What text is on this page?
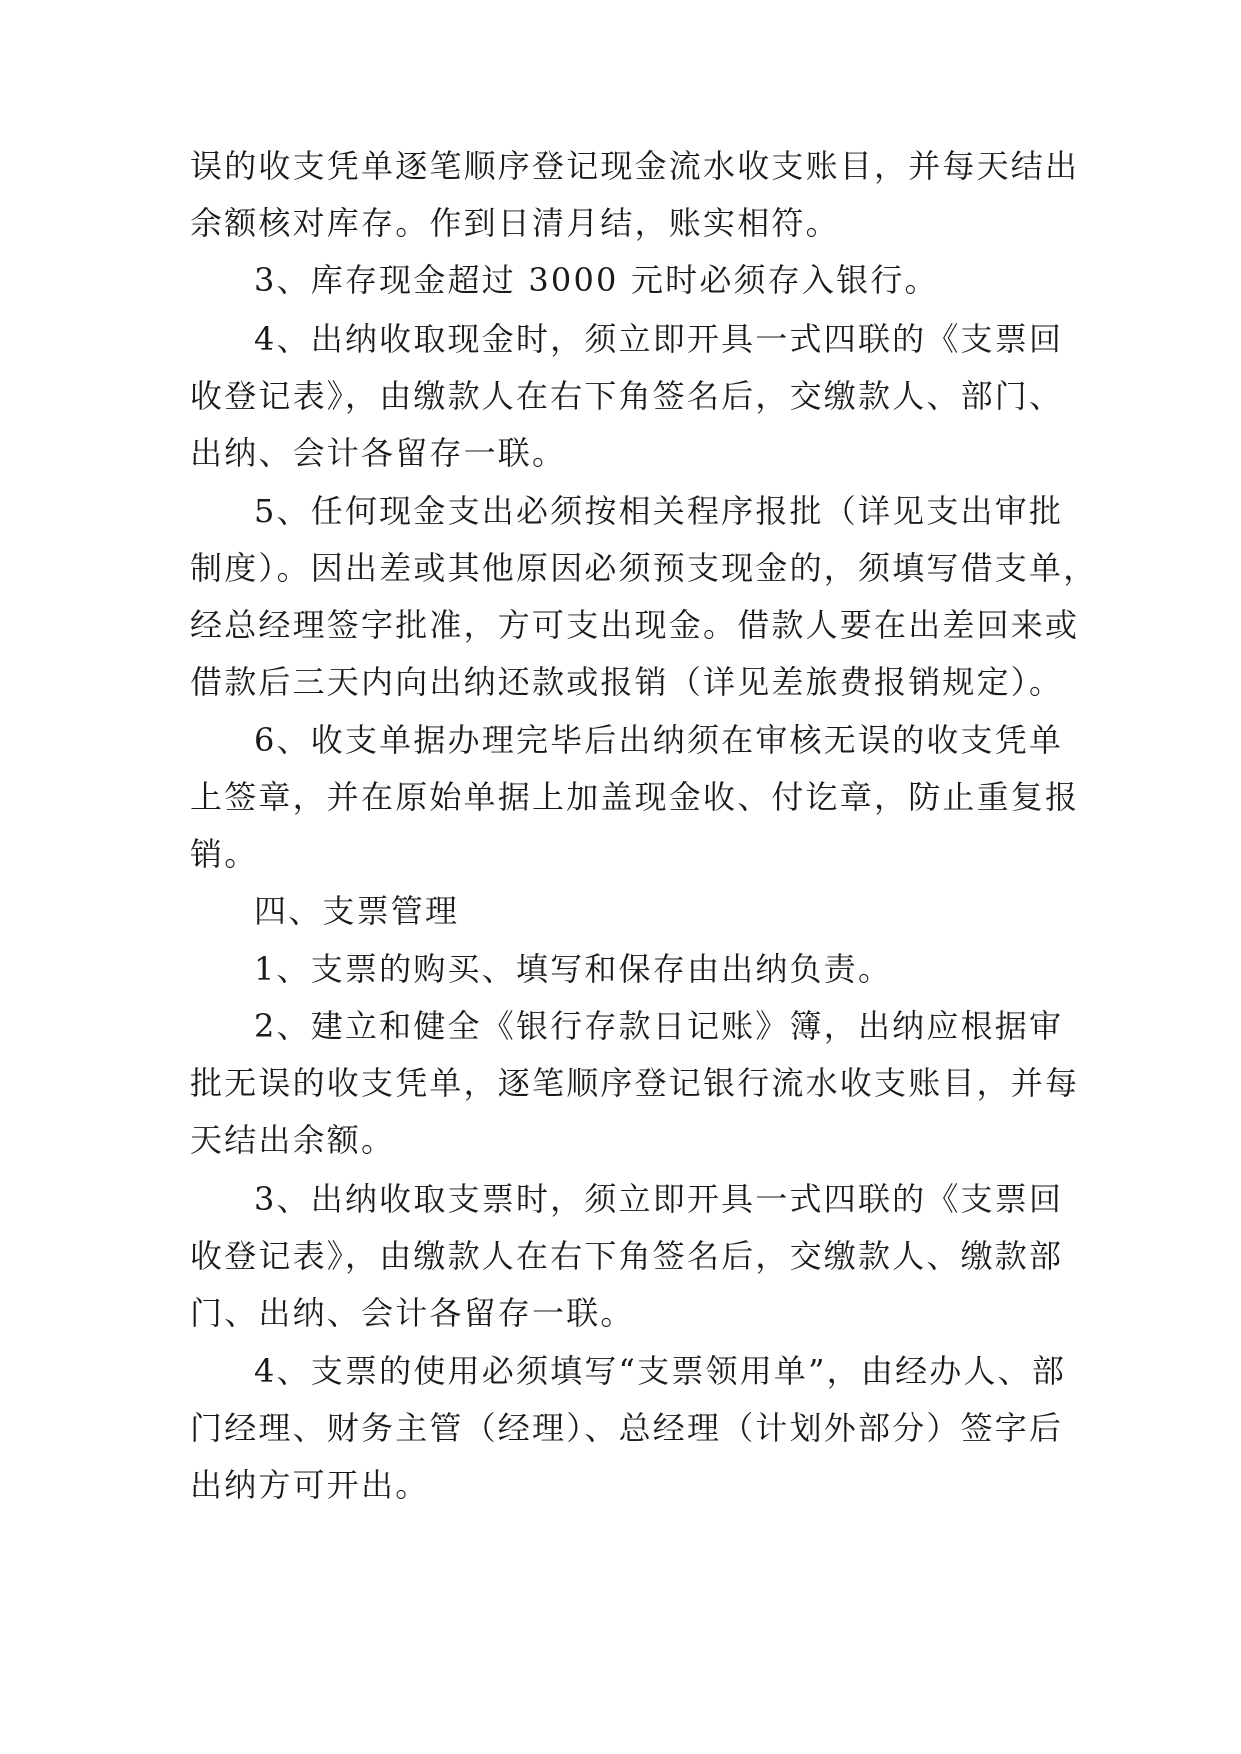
误的收支凭单逐笔顺序登记现金流水收支账目，并每天结出
余额核对库存。作到日清月结，账实相符。
3、库存现金超过 3000 元时必须存入银行。
4、出纳收取现金时，须立即开具一式四联的《支票回
收登记表》，由缴款人在右下角签名后，交缴款人、部门、
出纳、会计各留存一联。
5、任何现金支出必须按相关程序报批（详见支出审批
制度）。因出差或其他原因必须预支现金的，须填写借支单，
经总经理签字批准，方可支出现金。借款人要在出差回来或
借款后三天内向出纳还款或报销（详见差旅费报销规定）。
6、收支单据办理完毕后出纳须在审核无误的收支凭单
上签章，并在原始单据上加盖现金收、付讫章，防止重复报
销。
四、支票管理
1、支票的购买、填写和保存由出纳负责。
2、建立和健全《银行存款日记账》簿，出纳应根据审
批无误的收支凭单，逐笔顺序登记银行流水收支账目，并每
天结出余额。
3、出纳收取支票时，须立即开具一式四联的《支票回
收登记表》，由缴款人在右下角签名后，交缴款人、缴款部
门、出纳、会计各留存一联。
4、支票的使用必须填写“支票领用单”，由经办人、部
门经理、财务主管（经理）、总经理（计划外部分）签字后
出纳方可开出。
